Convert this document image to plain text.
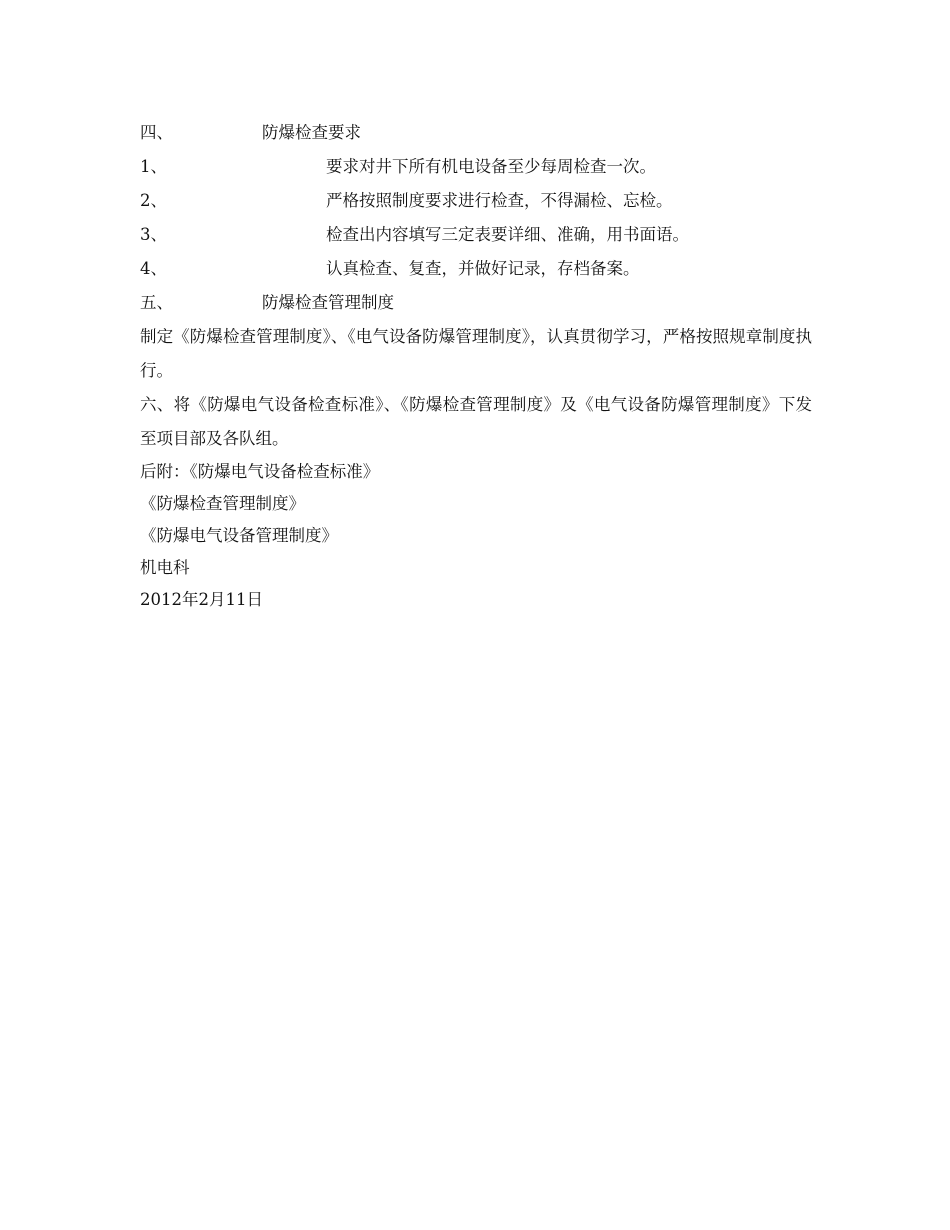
四、	防爆检查要求
1、	要求对井下所有机电设备至少每周检查一次。
2、	严格按照制度要求进行检查，不得漏检、忘检。
3、	检查出内容填写三定表要详细、准确，用书面语。
4、	认真检查、复查，并做好记录，存档备案。
五、	防爆检查管理制度

制定《防爆检查管理制度》、《电气设备防爆管理制度》，认真贯彻学习，严格按照规章制度执行。

六、将《防爆电气设备检查标准》、《防爆检查管理制度》及《电气设备防爆管理制度》下发至项目部及各队组。

后附：《防爆电气设备检查标准》

《防爆检查管理制度》

《防爆电气设备管理制度》

机电科

2012年2月11日
